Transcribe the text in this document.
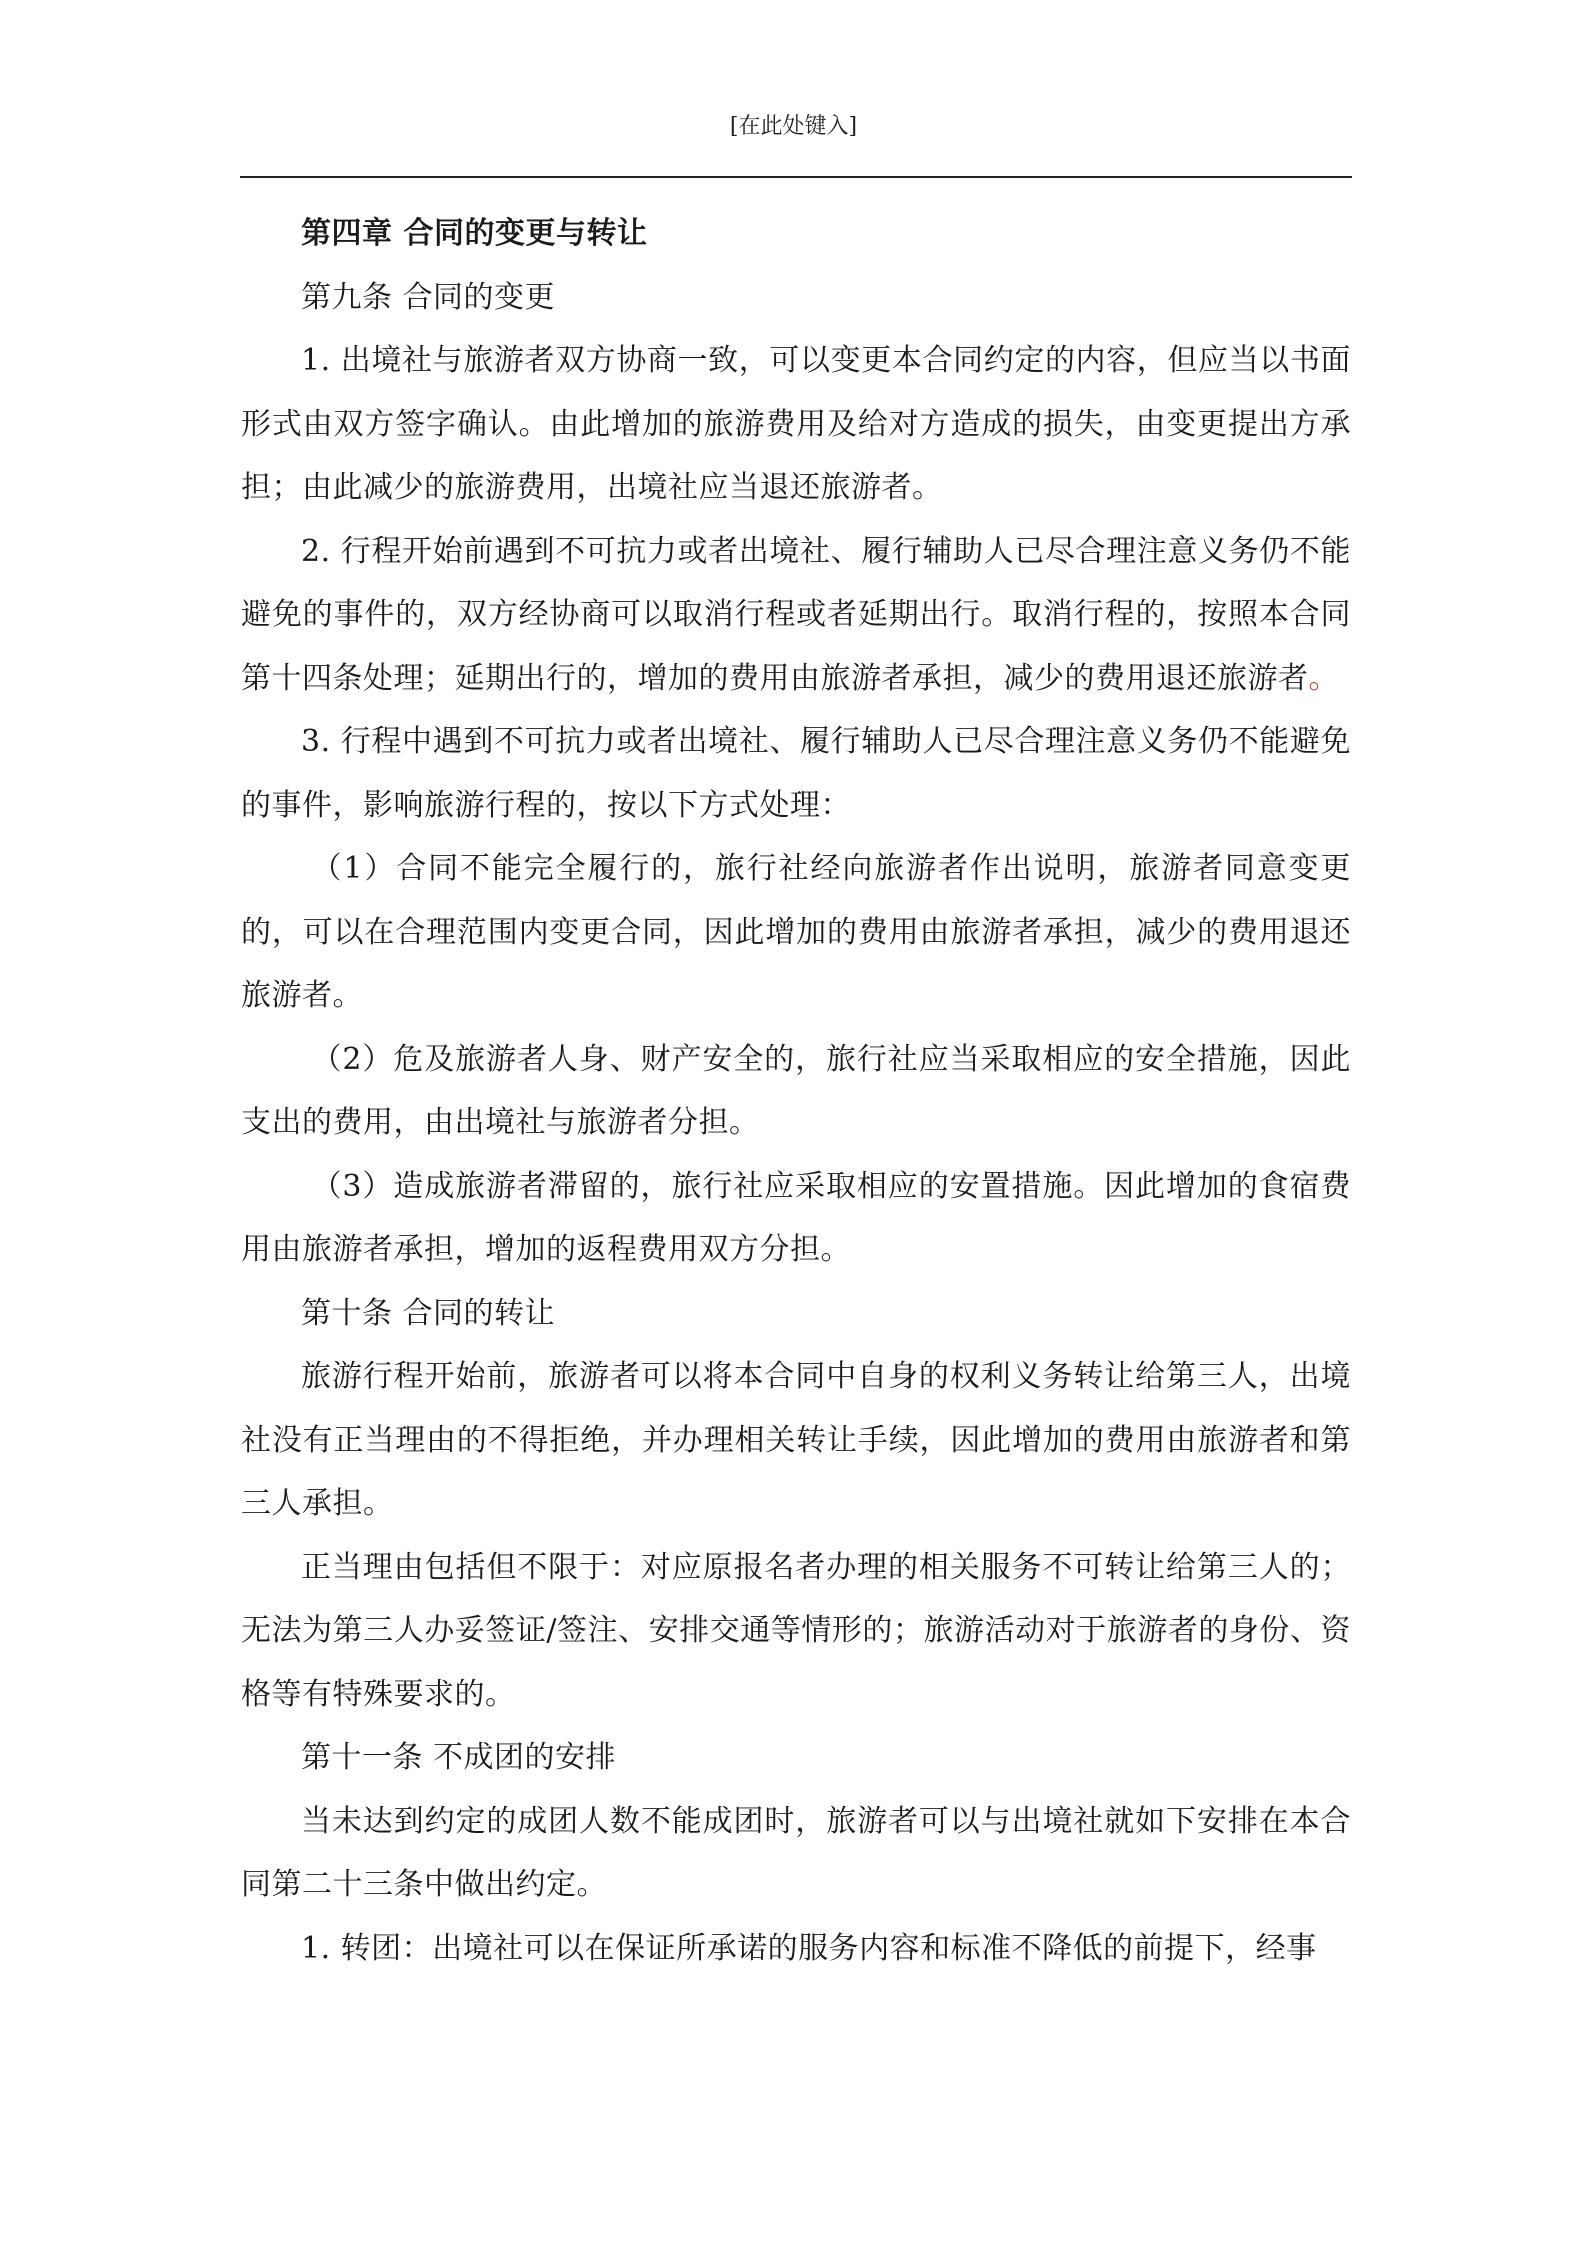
[在此处键入]

第四章 合同的变更与转让

第九条 合同的变更

1. 出境社与旅游者双方协商一致，可以变更本合同约定的内容，但应当以书面形式由双方签字确认。由此增加的旅游费用及给对方造成的损失，由变更提出方承担；由此减少的旅游费用，出境社应当退还旅游者。

2. 行程开始前遇到不可抗力或者出境社、履行辅助人已尽合理注意义务仍不能避免的事件的，双方经协商可以取消行程或者延期出行。取消行程的，按照本合同第十四条处理；延期出行的，增加的费用由旅游者承担，减少的费用退还旅游者。

3. 行程中遇到不可抗力或者出境社、履行辅助人已尽合理注意义务仍不能避免的事件，影响旅游行程的，按以下方式处理：

（1）合同不能完全履行的，旅行社经向旅游者作出说明，旅游者同意变更的，可以在合理范围内变更合同，因此增加的费用由旅游者承担，减少的费用退还旅游者。

（2）危及旅游者人身、财产安全的，旅行社应当采取相应的安全措施，因此支出的费用，由出境社与旅游者分担。

（3）造成旅游者滞留的，旅行社应采取相应的安置措施。因此增加的食宿费用由旅游者承担，增加的返程费用双方分担。

第十条 合同的转让

旅游行程开始前，旅游者可以将本合同中自身的权利义务转让给第三人，出境社没有正当理由的不得拒绝，并办理相关转让手续，因此增加的费用由旅游者和第三人承担。

正当理由包括但不限于：对应原报名者办理的相关服务不可转让给第三人的；无法为第三人办妥签证/签注、安排交通等情形的；旅游活动对于旅游者的身份、资格等有特殊要求的。

第十一条 不成团的安排

当未达到约定的成团人数不能成团时，旅游者可以与出境社就如下安排在本合同第二十三条中做出约定。

1. 转团：出境社可以在保证所承诺的服务内容和标准不降低的前提下，经事
